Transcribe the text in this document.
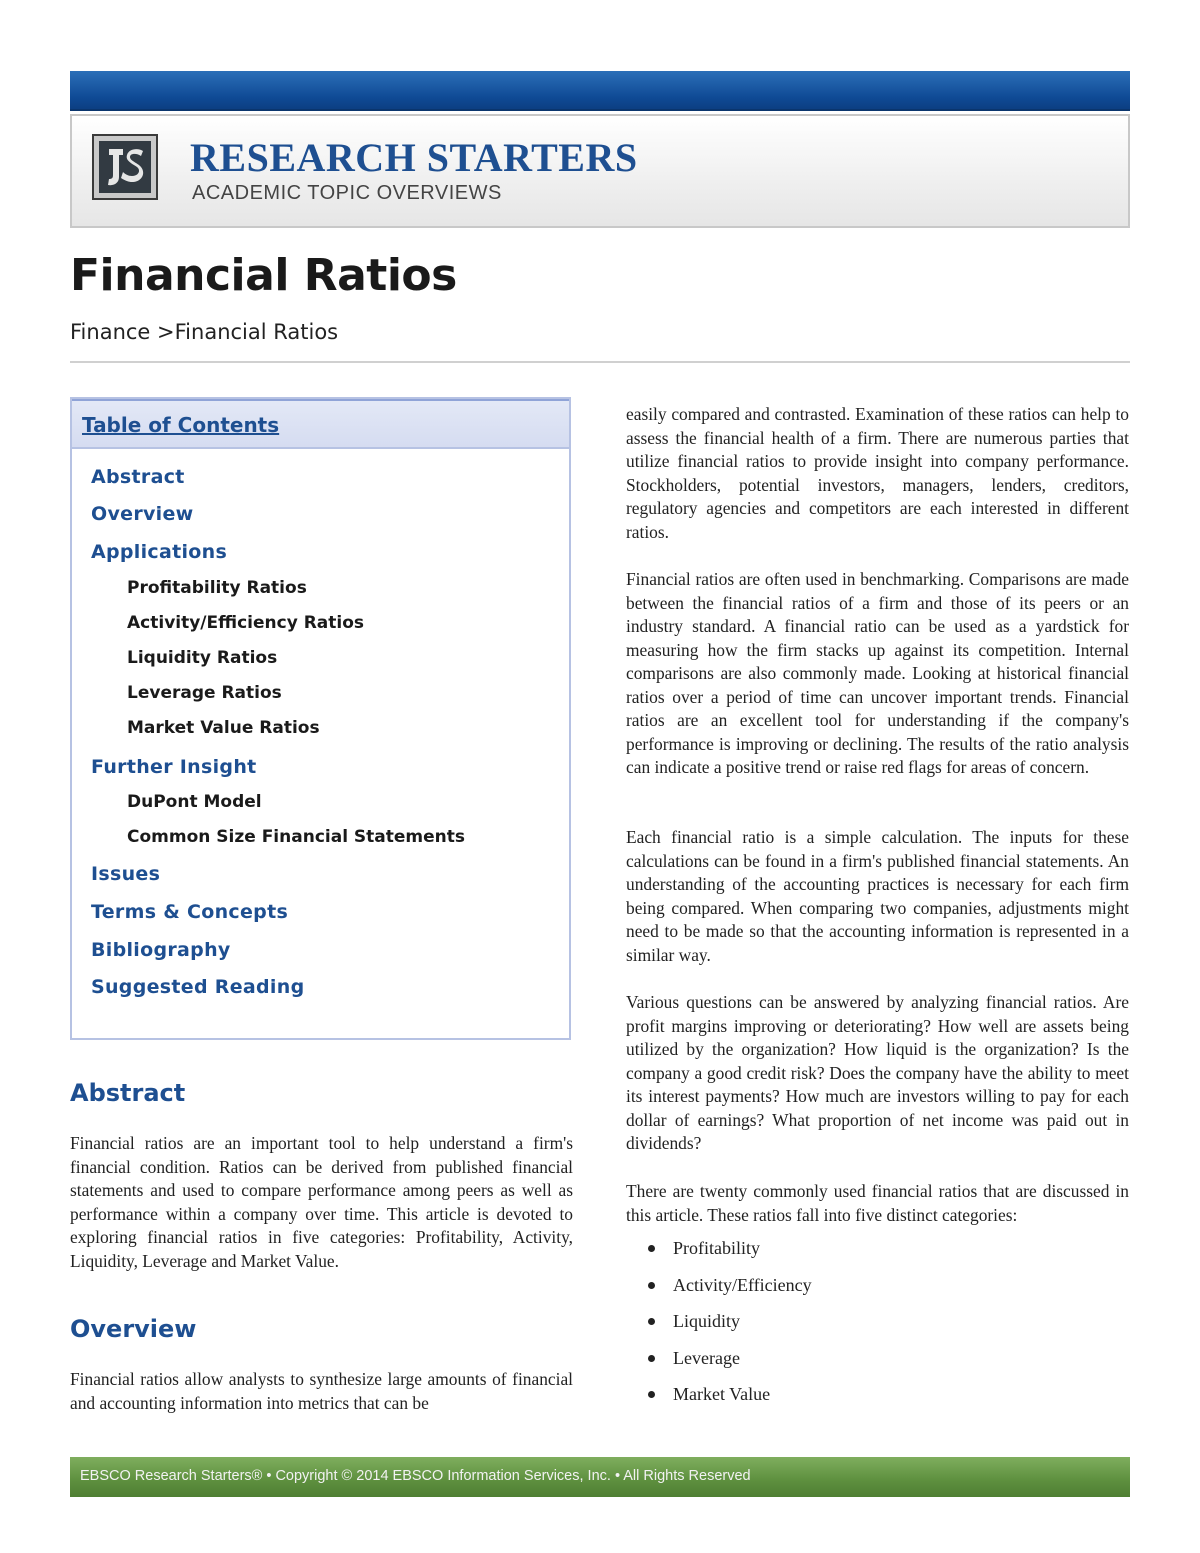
RESEARCH STARTERS
ACADEMIC TOPIC OVERVIEWS
Financial Ratios
Finance >Financial Ratios
Table of Contents
Abstract
Overview
Applications
Profitability Ratios
Activity/Efficiency Ratios
Liquidity Ratios
Leverage Ratios
Market Value Ratios
Further Insight
DuPont Model
Common Size Financial Statements
Issues
Terms & Concepts
Bibliography
Suggested Reading
Abstract
Financial ratios are an important tool to help understand a firm's financial condition. Ratios can be derived from published financial statements and used to compare performance among peers as well as performance within a company over time. This article is devoted to exploring financial ratios in five categories: Profitability, Activity, Liquidity, Leverage and Market Value.
Overview
Financial ratios allow analysts to synthesize large amounts of financial and accounting information into metrics that can be
easily compared and contrasted. Examination of these ratios can help to assess the financial health of a firm. There are numerous parties that utilize financial ratios to provide insight into company performance. Stockholders, potential investors, managers, lenders, creditors, regulatory agencies and competitors are each interested in different ratios.
Financial ratios are often used in benchmarking. Comparisons are made between the financial ratios of a firm and those of its peers or an industry standard. A financial ratio can be used as a yardstick for measuring how the firm stacks up against its competition. Internal comparisons are also commonly made. Looking at historical financial ratios over a period of time can uncover important trends. Financial ratios are an excellent tool for understanding if the company's performance is improving or declining. The results of the ratio analysis can indicate a positive trend or raise red flags for areas of concern.
Each financial ratio is a simple calculation. The inputs for these calculations can be found in a firm's published financial statements. An understanding of the accounting practices is necessary for each firm being compared. When comparing two companies, adjustments might need to be made so that the accounting information is represented in a similar way.
Various questions can be answered by analyzing financial ratios. Are profit margins improving or deteriorating? How well are assets being utilized by the organization? How liquid is the organization? Is the company a good credit risk? Does the company have the ability to meet its interest payments? How much are investors willing to pay for each dollar of earnings? What proportion of net income was paid out in dividends?
There are twenty commonly used financial ratios that are discussed in this article. These ratios fall into five distinct categories:
Profitability
Activity/Efficiency
Liquidity
Leverage
Market Value
EBSCO Research Starters® • Copyright © 2014 EBSCO Information Services, Inc. • All Rights Reserved
